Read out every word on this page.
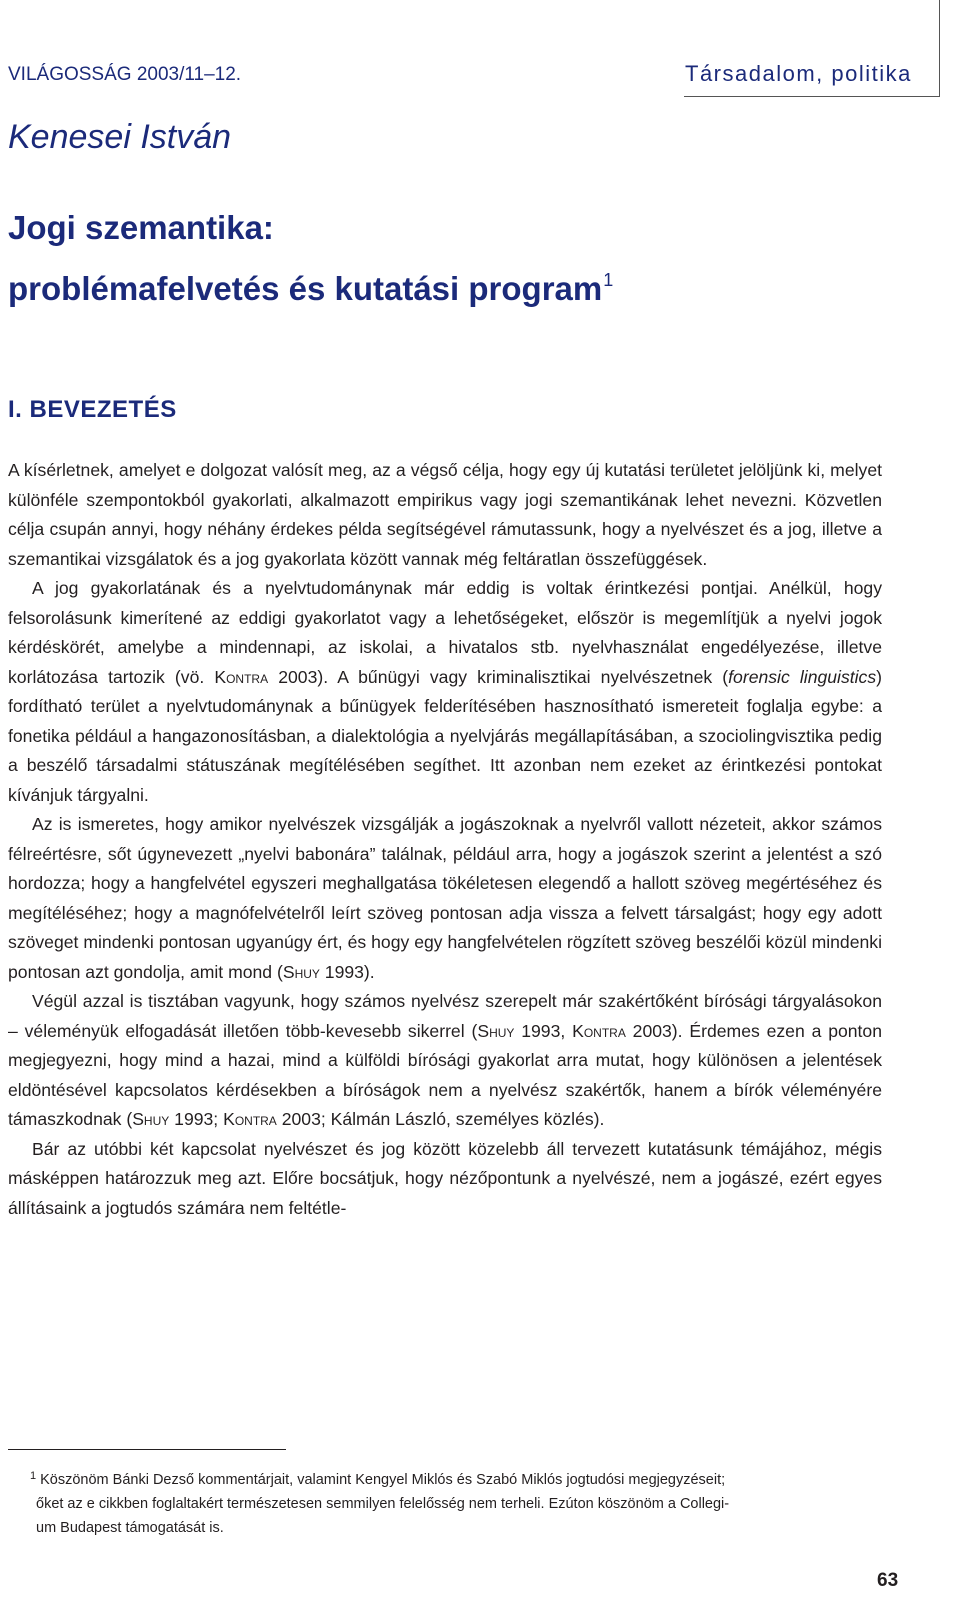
VILÁGOSSÁG 2003/11–12.	Társadalom, politika
Kenesei István
Jogi szemantika:
problémafelvetés és kutatási program$^1$
I. BEVEZETÉS

A kísérletnek, amelyet e dolgozat valósít meg, az a végső célja, hogy egy új kutatási területet jelöljünk ki, melyet különféle szempontokból gyakorlati, alkalmazott empirikus vagy jogi szemantikának lehet nevezni. Közvetlen célja csupán annyi, hogy néhány érdekes példa segítségével rámutassunk, hogy a nyelvészet és a jog, illetve a szemantikai vizsgálatok és a jog gyakorlata között vannak még feltáratlan összefüggések.

A jog gyakorlatának és a nyelvtudománynak már eddig is voltak érintkezési pontjai. Anélkül, hogy felsorolásunk kimerítené az eddigi gyakorlatot vagy a lehetőségeket, először is megemlítjük a nyelvi jogok kérdéskörét, amelybe a mindennapi, az iskolai, a hivatalos stb. nyelvhasználat engedélyezése, illetve korlátozása tartozik (vö. Kontra 2003). A bűnügyi vagy kriminalisztikai nyelvészetnek (forensic linguistics) fordítható terület a nyelvtudománynak a bűnügyek felderítésében hasznosítható ismereteit foglalja egybe: a fonetika például a hangazonosításban, a dialektológia a nyelvjárás megállapításában, a szociolingvisztika pedig a beszélő társadalmi státuszának megítélésében segíthet. Itt azonban nem ezeket az érintkezési pontokat kívánjuk tárgyalni.

Az is ismeretes, hogy amikor nyelvészek vizsgálják a jogászoknak a nyelvről vallott nézeteit, akkor számos félreértésre, sőt úgynevezett „nyelvi babonára” találnak, például arra, hogy a jogászok szerint a jelentést a szó hordozza; hogy a hangfelvétel egyszeri meghallgatása tökéletesen elegendő a hallott szöveg megértéséhez és megítéléséhez; hogy a magnófelvételről leírt szöveg pontosan adja vissza a felvett társalgást; hogy egy adott szöveget mindenki pontosan ugyanúgy ért, és hogy egy hangfelvételen rögzített szöveg beszélői közül mindenki pontosan azt gondolja, amit mond (Shuy 1993).

Végül azzal is tisztában vagyunk, hogy számos nyelvész szerepelt már szakértőként bírósági tárgyalásokon – véleményük elfogadását illetően több-kevesebb sikerrel (Shuy 1993, Kontra 2003). Érdemes ezen a ponton megjegyezni, hogy mind a hazai, mind a külföldi bírósági gyakorlat arra mutat, hogy különösen a jelentések eldöntésével kapcsolatos kérdésekben a bíróságok nem a nyelvész szakértők, hanem a bírók véleményére támaszkodnak (Shuy 1993; Kontra 2003; Kálmán László, személyes közlés).

Bár az utóbbi két kapcsolat nyelvészet és jog között közelebb áll tervezett kutatásunk témájához, mégis másképpen határozzuk meg azt. Előre bocsátjuk, hogy nézőpontunk a nyelvészé, nem a jogászé, ezért egyes állításaink a jogtudós számára nem feltétle-

$^1$ Köszönöm Bánki Dezső kommentárjait, valamint Kengyel Miklós és Szabó Miklós jogtudósi megjegyzéseit;
őket az e cikkben foglaltakért természetesen semmilyen felelősség nem terheli. Ezúton köszönöm a Collegi-
um Budapest támogatását is.
63
